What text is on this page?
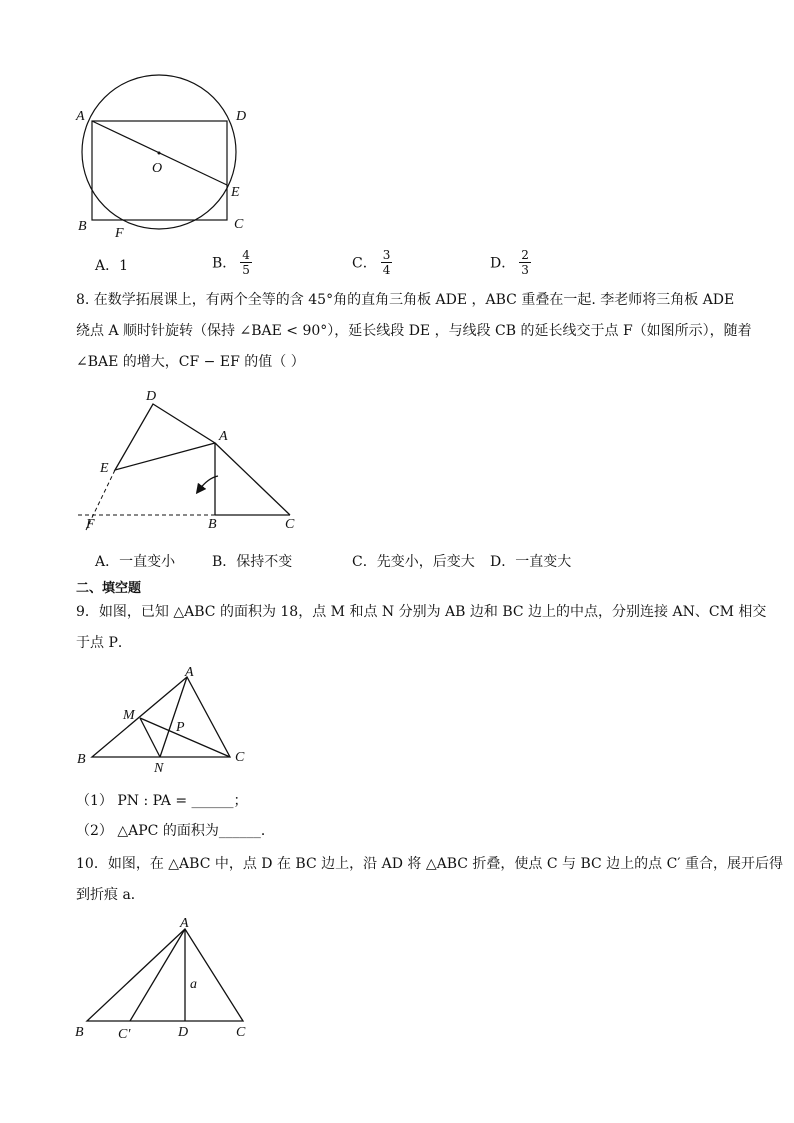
A	D
O
E
B F
C
A．1	B． $\frac{4}{5}$	C． $\frac{3}{4}$	D． $\frac{2}{3}$
8. 在数学拓展课上，有两个全等的含 45°角的直角三角板 ADE ，ABC 重叠在一起. 李老师将三角板 ADE
绕点 A 顺时针旋转（保持 ∠BAE < 90°），延长线段 DE ，与线段 CB 的延长线交于点 F（如图所示），随着
∠BAE 的增大，CF − EF 的值（ ）
D
A
E
F	B	C
A．一直变小	B．保持不变	C．先变小，后变大 D．一直变大
二、填空题
9．如图，已知 △ABC 的面积为 18，点 M 和点 N 分别为 AB 边和 BC 边上的中点，分别连接 AN、CM 相交
于点 P．
A
M
P
B
N
C
（1） PN : PA = ______；
（2） △APC 的面积为______．
10．如图，在 △ABC 中，点 D 在 BC 边上，沿 AD 将 △ABC 折叠，使点 C 与 BC 边上的点 C′ 重合，展开后得
到折痕 a．
A
a
B C′	D	C
